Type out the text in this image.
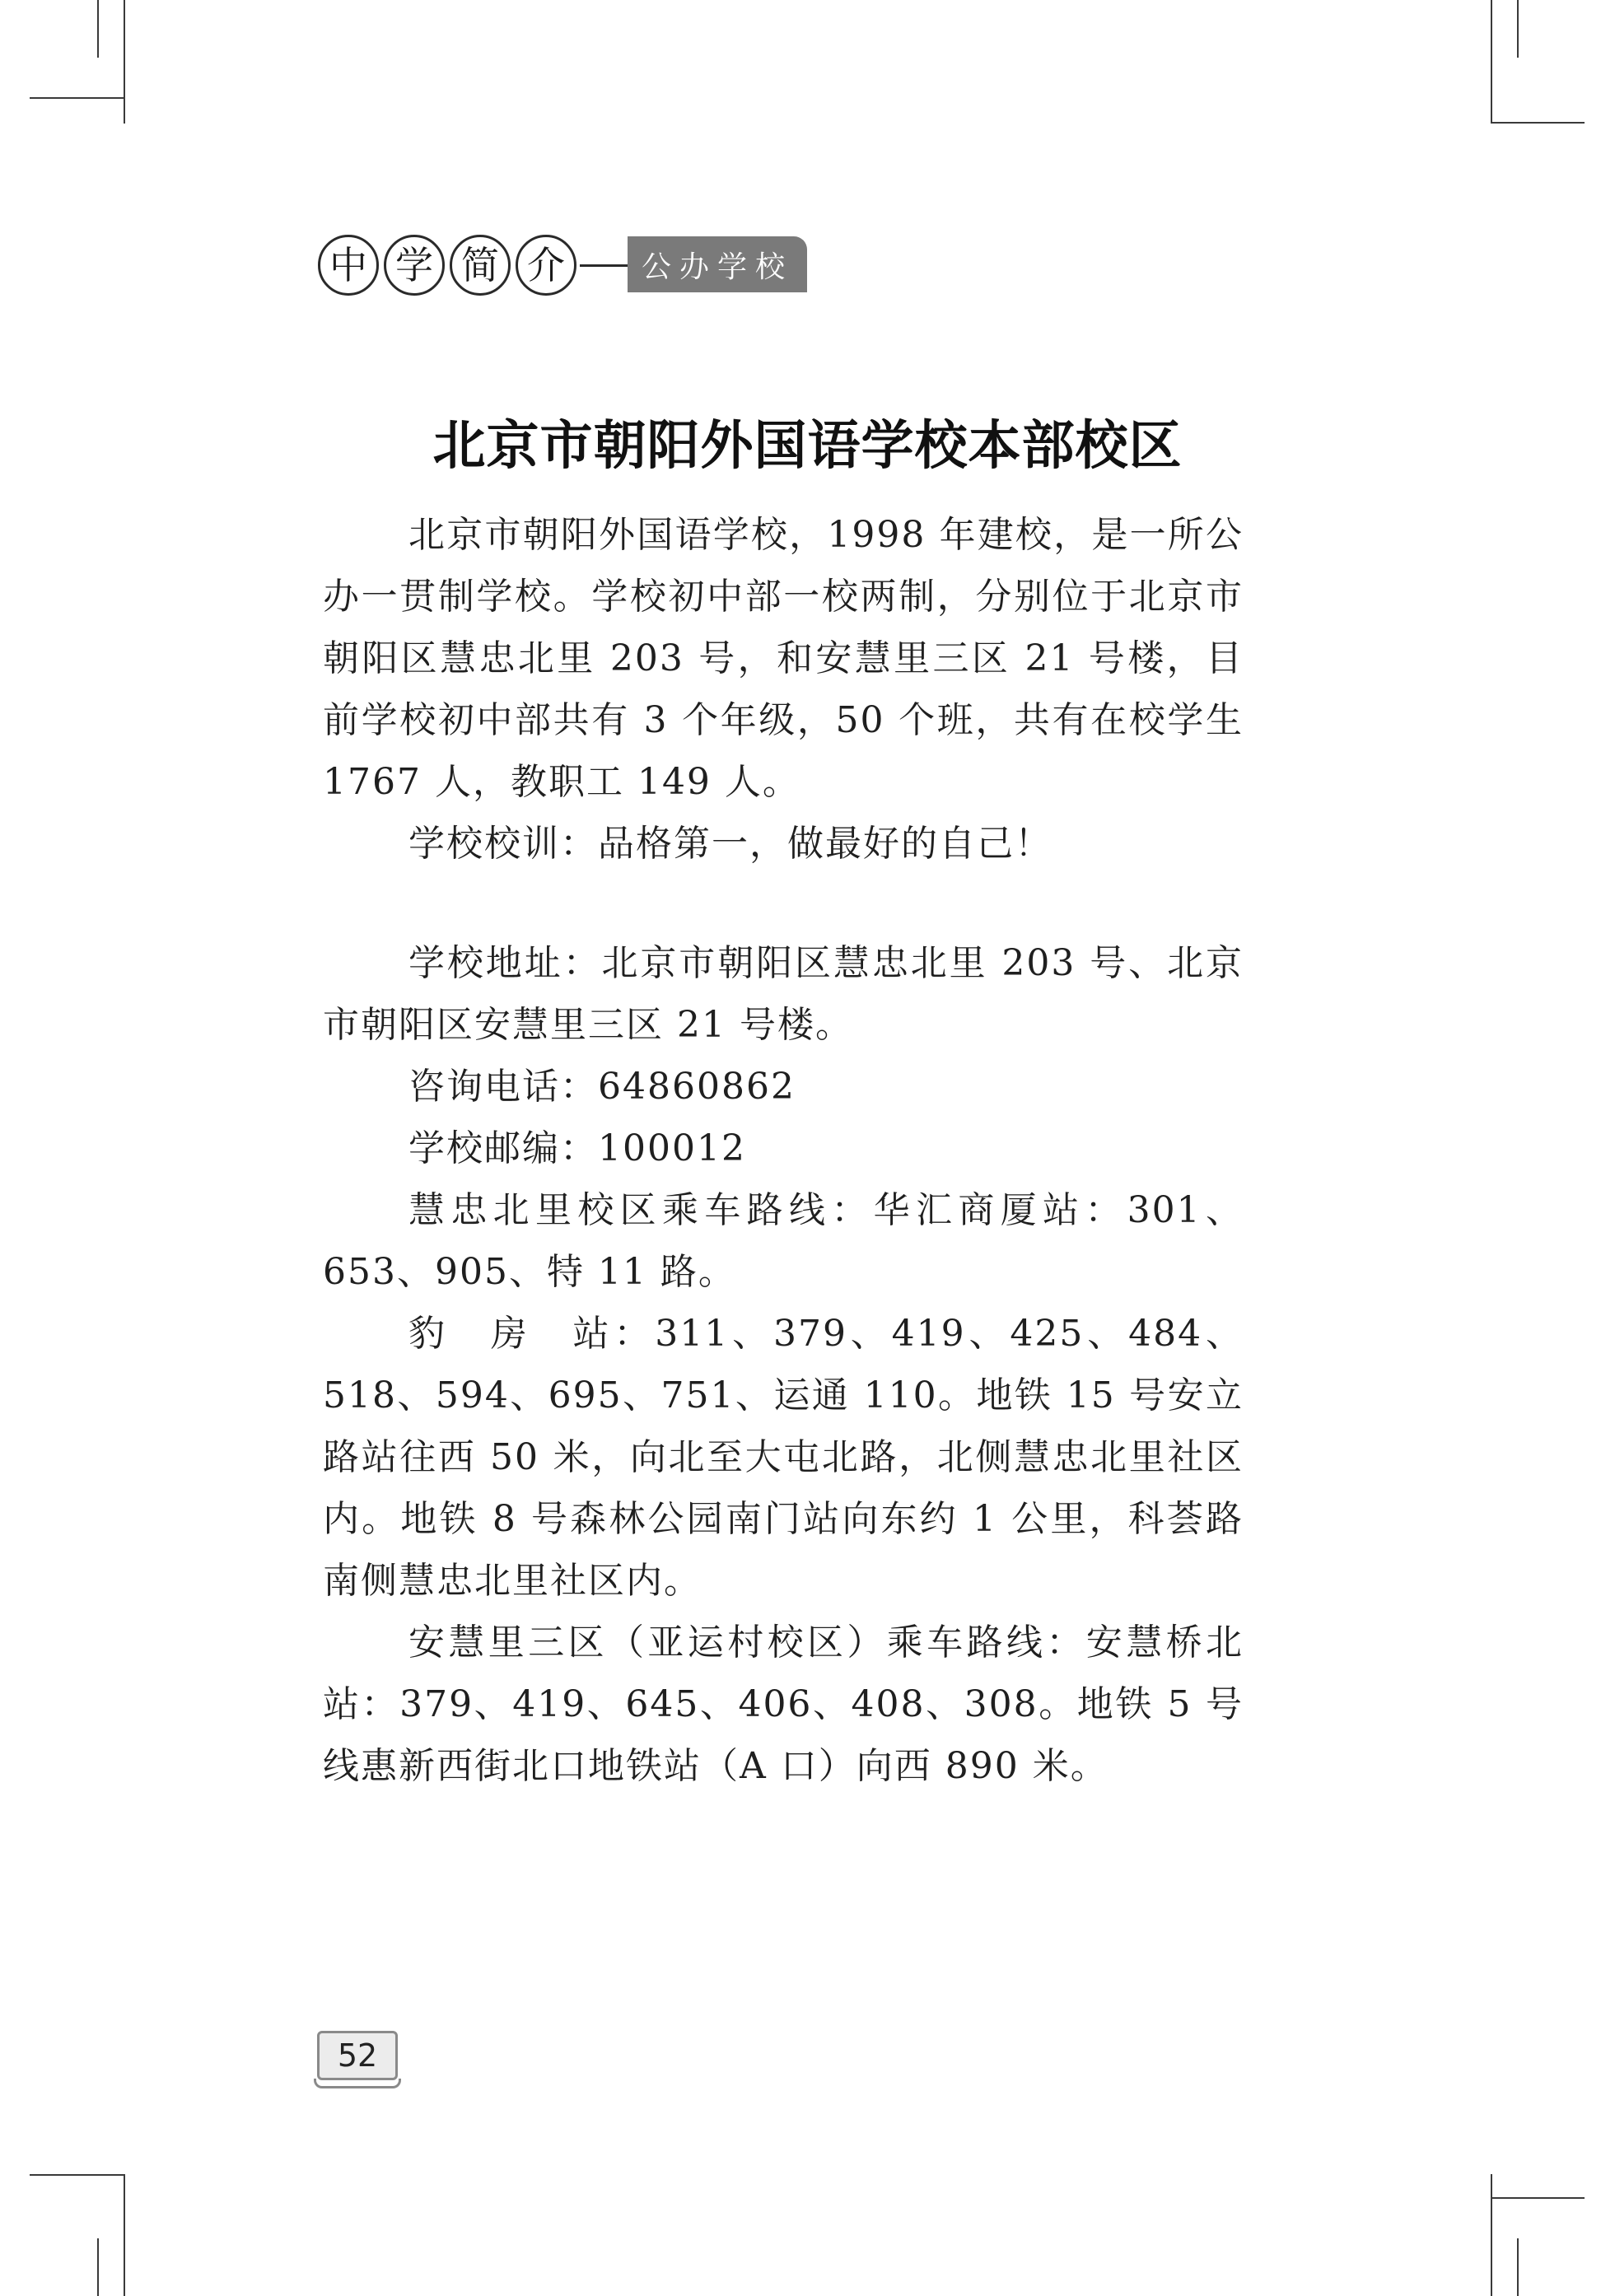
中 学 简 介	公办学校
北京市朝阳外国语学校本部校区

北京市朝阳外国语学校，1998 年建校，是一所公办一贯制学校。学校初中部一校两制，分别位于北京市朝阳区慧忠北里 203 号，和安慧里三区 21 号楼，目前学校初中部共有 3 个年级，50 个班，共有在校学生 1767 人，教职工 149 人。

学校校训：品格第一，做最好的自己！

学校地址：北京市朝阳区慧忠北里 203 号、北京市朝阳区安慧里三区 21 号楼。

咨询电话：64860862

学校邮编：100012

慧忠北里校区乘车路线：华汇商厦站：301、653、905、特 11 路。

豹　房　站：311、379、419、425、484、518、594、695、751、运通 110。地铁 15 号安立路站往西 50 米，向北至大屯北路，北侧慧忠北里社区内。地铁 8 号森林公园南门站向东约 1 公里，科荟路南侧慧忠北里社区内。

安慧里三区（亚运村校区）乘车路线：安慧桥北站：379、419、645、406、408、308。地铁 5 号线惠新西街北口地铁站（A 口）向西 890 米。

52
